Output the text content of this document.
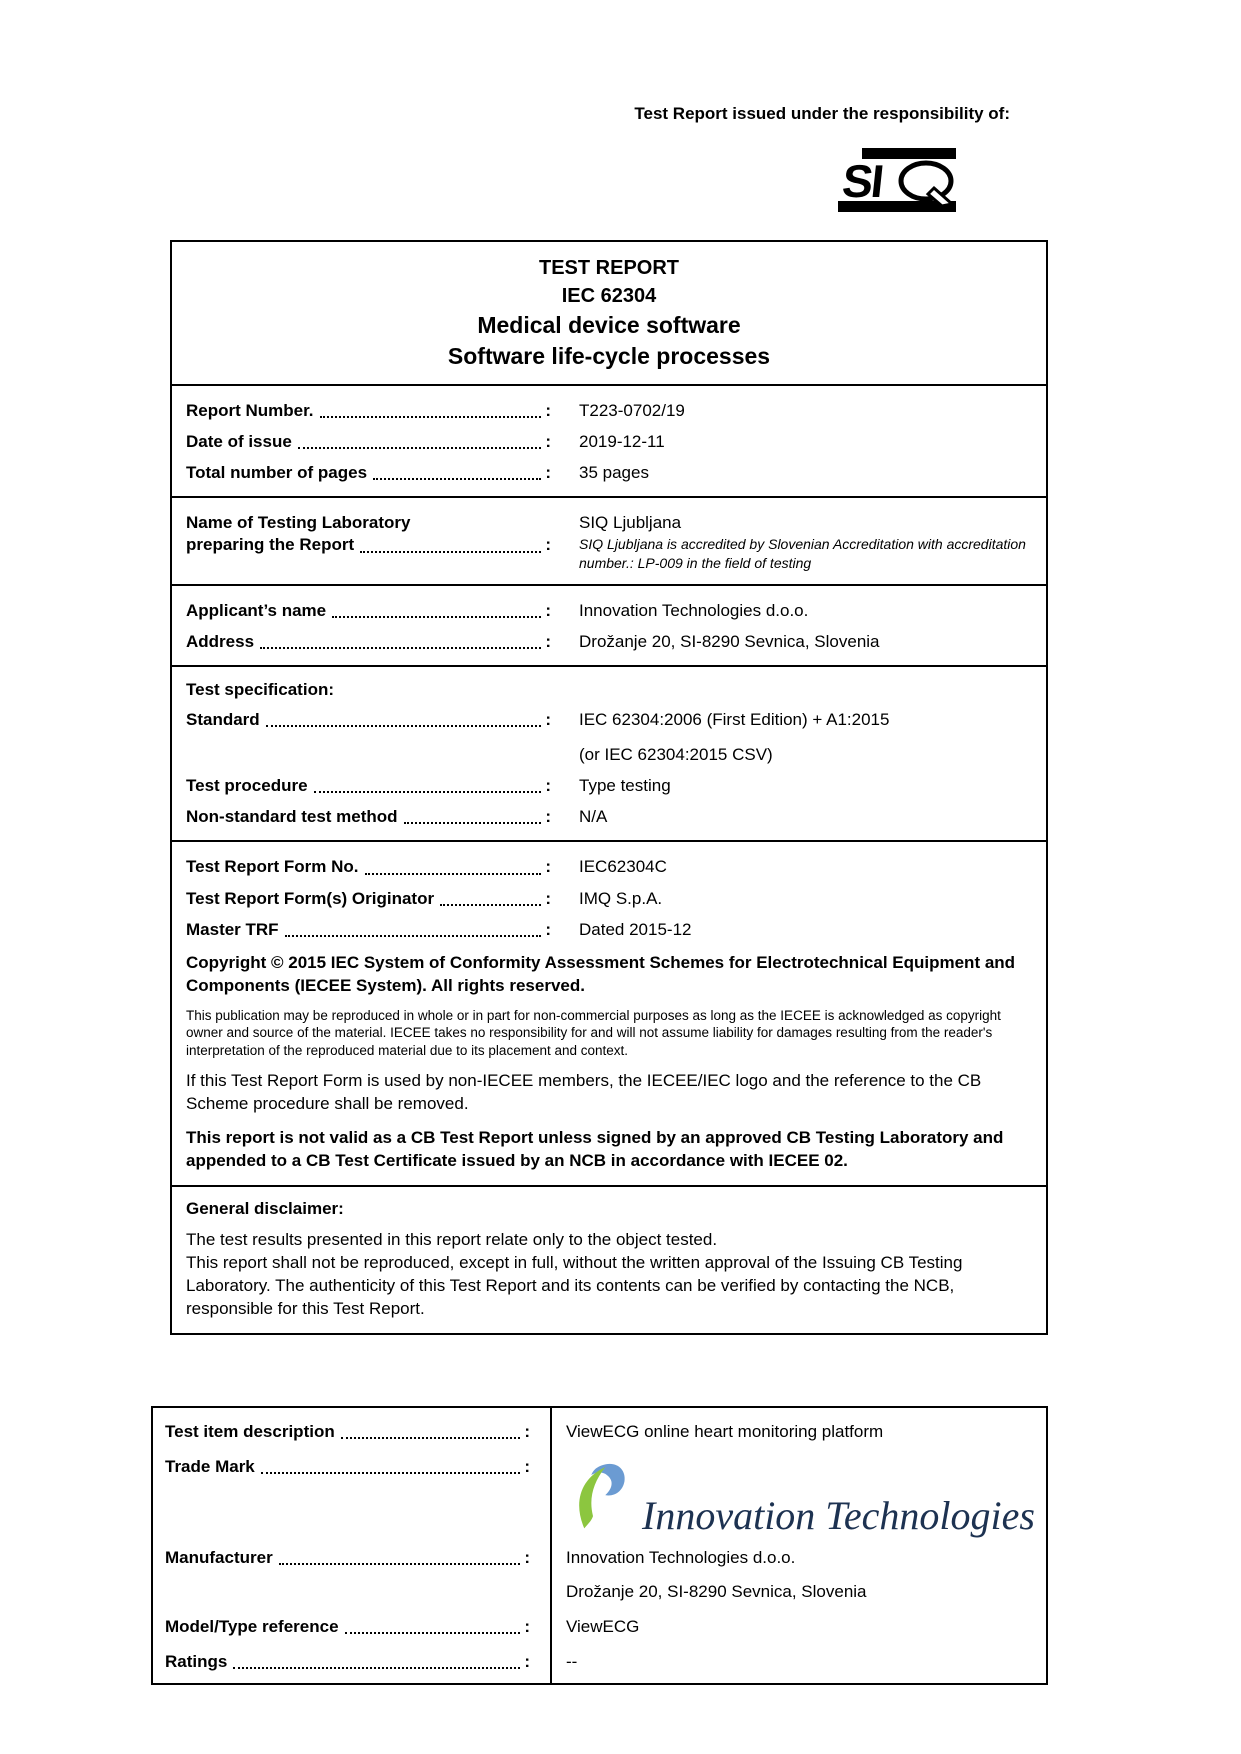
Test Report issued under the responsibility of:
SI
TEST REPORT
IEC 62304
Medical device software
Software life-cycle processes
Report Number.	:	T223-0702/19
Date of issue	:	2019-12-11
Total number of pages	:	35 pages
Name of Testing Laboratory
preparing the Report	:
SIQ Ljubljana
SIQ Ljubljana is accredited by Slovenian Accreditation with accreditation number.: LP-009 in the field of testing
Applicant’s name	:	Innovation Technologies d.o.o.
Address	:	Drožanje 20, SI-8290 Sevnica, Slovenia
Test specification:
Standard	: IEC 62304:2006 (First Edition) + A1:2015
(or IEC 62304:2015 CSV)
Test procedure	:	Type testing
Non-standard test method	:	N/A
Test Report Form No.	:	IEC62304C
Test Report Form(s) Originator	:	IMQ S.p.A.
Master TRF	:	Dated 2015-12
Copyright © 2015 IEC System of Conformity Assessment Schemes for Electrotechnical Equipment and Components (IECEE System). All rights reserved.
This publication may be reproduced in whole or in part for non-commercial purposes as long as the IECEE is acknowledged as copyright owner and source of the material. IECEE takes no responsibility for and will not assume liability for damages resulting from the reader's interpretation of the reproduced material due to its placement and context.
If this Test Report Form is used by non-IECEE members, the IECEE/IEC logo and the reference to the CB Scheme procedure shall be removed.
This report is not valid as a CB Test Report unless signed by an approved CB Testing Laboratory and appended to a CB Test Certificate issued by an NCB in accordance with IECEE 02.
General disclaimer:
The test results presented in this report relate only to the object tested.
This report shall not be reproduced, except in full, without the written approval of the Issuing CB Testing Laboratory. The authenticity of this Test Report and its contents can be verified by contacting the NCB, responsible for this Test Report.
Test item description	:	ViewECG online heart monitoring platform
Trade Mark	:
Innovation Technologies
Manufacturer	: Innovation Technologies d.o.o.
Drožanje 20, SI-8290 Sevnica, Slovenia
Model/Type reference	:	ViewECG
Ratings	:	--
